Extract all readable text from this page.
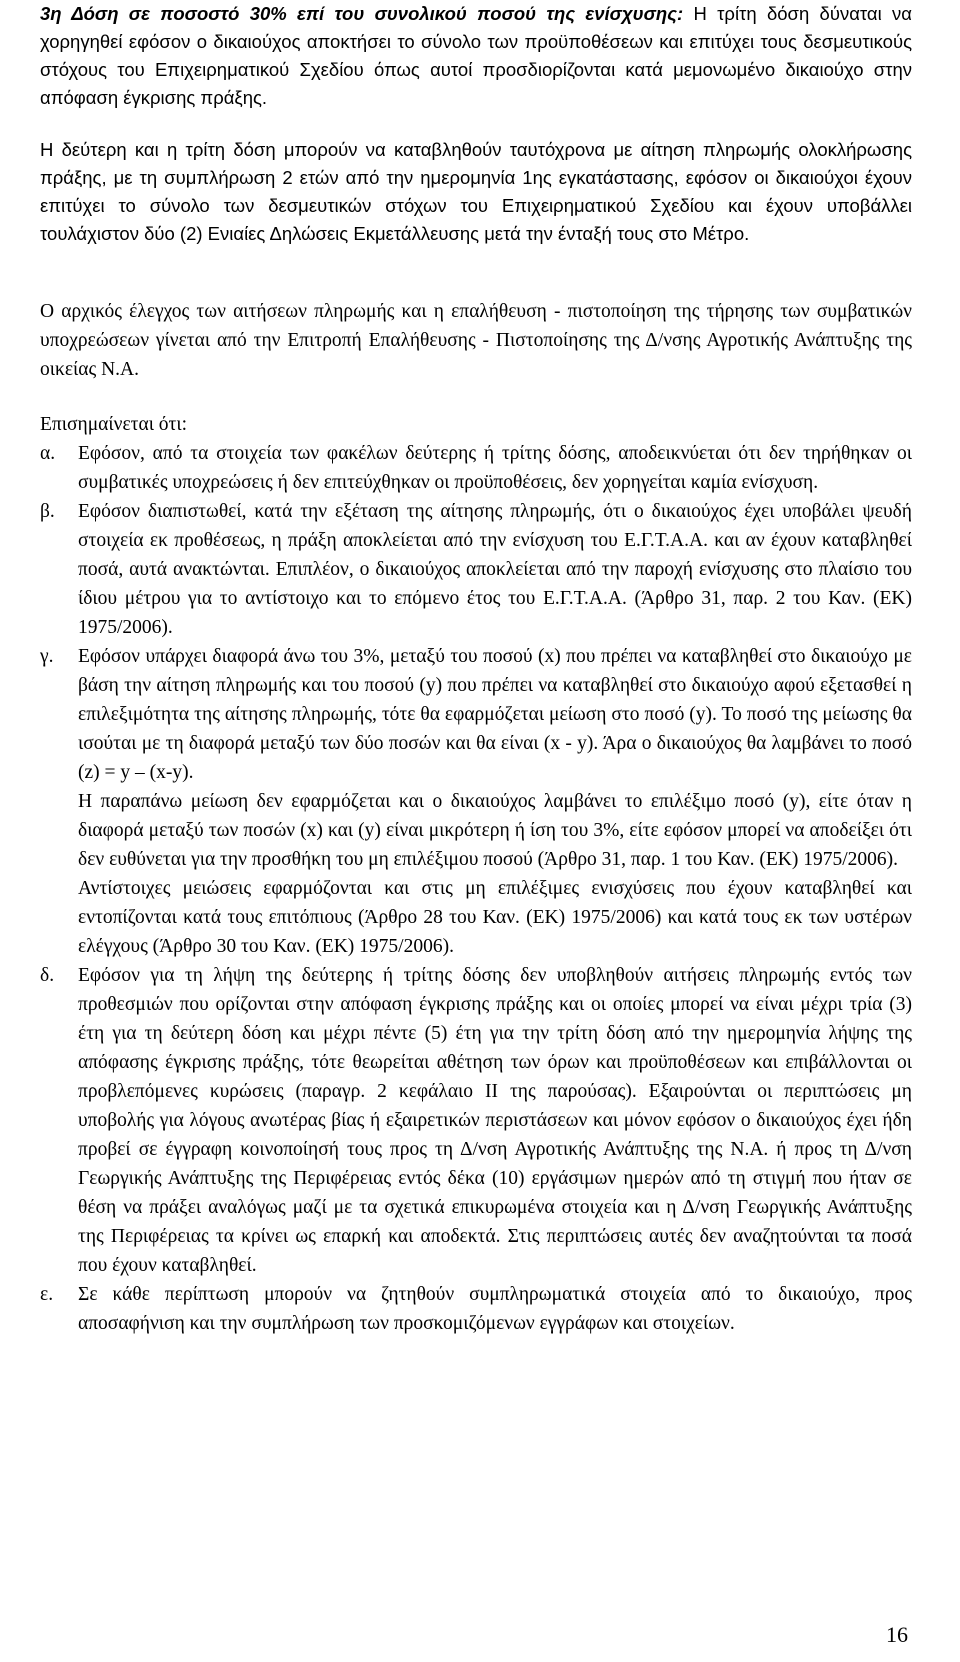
3η Δόση σε ποσοστό 30% επί του συνολικού ποσού της ενίσχυσης: Η τρίτη δόση δύναται να χορηγηθεί εφόσον ο δικαιούχος αποκτήσει το σύνολο των προϋποθέσεων και επιτύχει τους δεσμευτικούς στόχους του Επιχειρηματικού Σχεδίου όπως αυτοί προσδιορίζονται κατά μεμονωμένο δικαιούχο στην απόφαση έγκρισης πράξης.

Η δεύτερη και η τρίτη δόση μπορούν να καταβληθούν ταυτόχρονα με αίτηση πληρωμής ολοκλήρωσης πράξης, με τη συμπλήρωση 2 ετών από την ημερομηνία 1ης εγκατάστασης, εφόσον οι δικαιούχοι έχουν επιτύχει το σύνολο των δεσμευτικών στόχων του Επιχειρηματικού Σχεδίου και έχουν υποβάλλει τουλάχιστον δύο (2) Ενιαίες Δηλώσεις Εκμετάλλευσης μετά την ένταξή τους στο Μέτρο.

Ο αρχικός έλεγχος των αιτήσεων πληρωμής και η επαλήθευση - πιστοποίηση της τήρησης των συμβατικών υποχρεώσεων γίνεται από την Επιτροπή Επαλήθευσης - Πιστοποίησης της Δ/νσης Αγροτικής Ανάπτυξης της οικείας Ν.Α.

Επισημαίνεται ότι:
α.	Εφόσον, από τα στοιχεία των φακέλων δεύτερης ή τρίτης δόσης, αποδεικνύεται ότι δεν τηρήθηκαν οι συμβατικές υποχρεώσεις ή δεν επιτεύχθηκαν οι προϋποθέσεις, δεν χορηγείται καμία ενίσχυση.

β.	Εφόσον διαπιστωθεί, κατά την εξέταση της αίτησης πληρωμής, ότι ο δικαιούχος έχει υποβάλει ψευδή στοιχεία εκ προθέσεως, η πράξη αποκλείεται από την ενίσχυση του Ε.Γ.Τ.Α.Α. και αν έχουν καταβληθεί ποσά, αυτά ανακτώνται. Επιπλέον, ο δικαιούχος αποκλείεται από την παροχή ενίσχυσης στο πλαίσιο του ίδιου μέτρου για το αντίστοιχο και το επόμενο έτος του Ε.Γ.Τ.Α.Α. (Άρθρο 31, παρ. 2 του Καν. (ΕΚ) 1975/2006).

γ.	Εφόσον υπάρχει διαφορά άνω του 3%, μεταξύ του ποσού (x) που πρέπει να καταβληθεί στο δικαιούχο με βάση την αίτηση πληρωμής και του ποσού (y) που πρέπει να καταβληθεί στο δικαιούχο αφού εξετασθεί η επιλεξιμότητα της αίτησης πληρωμής, τότε θα εφαρμόζεται μείωση στο ποσό (y). Το ποσό της μείωσης θα ισούται με τη διαφορά μεταξύ των δύο ποσών και θα είναι (x - y). Άρα ο δικαιούχος θα λαμβάνει το ποσό (z) = y – (x-y).

Η παραπάνω μείωση δεν εφαρμόζεται και ο δικαιούχος λαμβάνει το επιλέξιμο ποσό (y), είτε όταν η διαφορά μεταξύ των ποσών (x) και (y) είναι μικρότερη ή ίση του 3%, είτε εφόσον μπορεί να αποδείξει ότι δεν ευθύνεται για την προσθήκη του μη επιλέξιμου ποσού (Άρθρο 31, παρ. 1 του Καν. (ΕΚ) 1975/2006).

Αντίστοιχες μειώσεις εφαρμόζονται και στις μη επιλέξιμες ενισχύσεις που έχουν καταβληθεί και εντοπίζονται κατά τους επιτόπιους (Άρθρο 28 του Καν. (ΕΚ) 1975/2006) και κατά τους εκ των υστέρων ελέγχους (Άρθρο 30 του Καν. (ΕΚ) 1975/2006).

δ.	Εφόσον για τη λήψη της δεύτερης ή τρίτης δόσης δεν υποβληθούν αιτήσεις πληρωμής εντός των προθεσμιών που ορίζονται στην απόφαση έγκρισης πράξης και οι οποίες μπορεί να είναι μέχρι τρία (3) έτη για τη δεύτερη δόση και μέχρι πέντε (5) έτη για την τρίτη δόση από την ημερομηνία λήψης της απόφασης έγκρισης πράξης, τότε θεωρείται αθέτηση των όρων και προϋποθέσεων και επιβάλλονται οι προβλεπόμενες κυρώσεις (παραγρ. 2 κεφάλαιο ΙΙ της παρούσας). Εξαιρούνται οι περιπτώσεις μη υποβολής για λόγους ανωτέρας βίας ή εξαιρετικών περιστάσεων και μόνον εφόσον ο δικαιούχος έχει ήδη προβεί σε έγγραφη κοινοποίησή τους προς τη Δ/νση Αγροτικής Ανάπτυξης της Ν.Α. ή προς τη Δ/νση Γεωργικής Ανάπτυξης της Περιφέρειας εντός δέκα (10) εργάσιμων ημερών από τη στιγμή που ήταν σε θέση να πράξει αναλόγως μαζί με τα σχετικά επικυρωμένα στοιχεία και η Δ/νση Γεωργικής Ανάπτυξης της Περιφέρειας τα κρίνει ως επαρκή και αποδεκτά. Στις περιπτώσεις αυτές δεν αναζητούνται τα ποσά που έχουν καταβληθεί.

ε.	Σε κάθε περίπτωση μπορούν να ζητηθούν συμπληρωματικά στοιχεία από το δικαιούχο, προς αποσαφήνιση και την συμπλήρωση των προσκομιζόμενων εγγράφων και στοιχείων.

16
